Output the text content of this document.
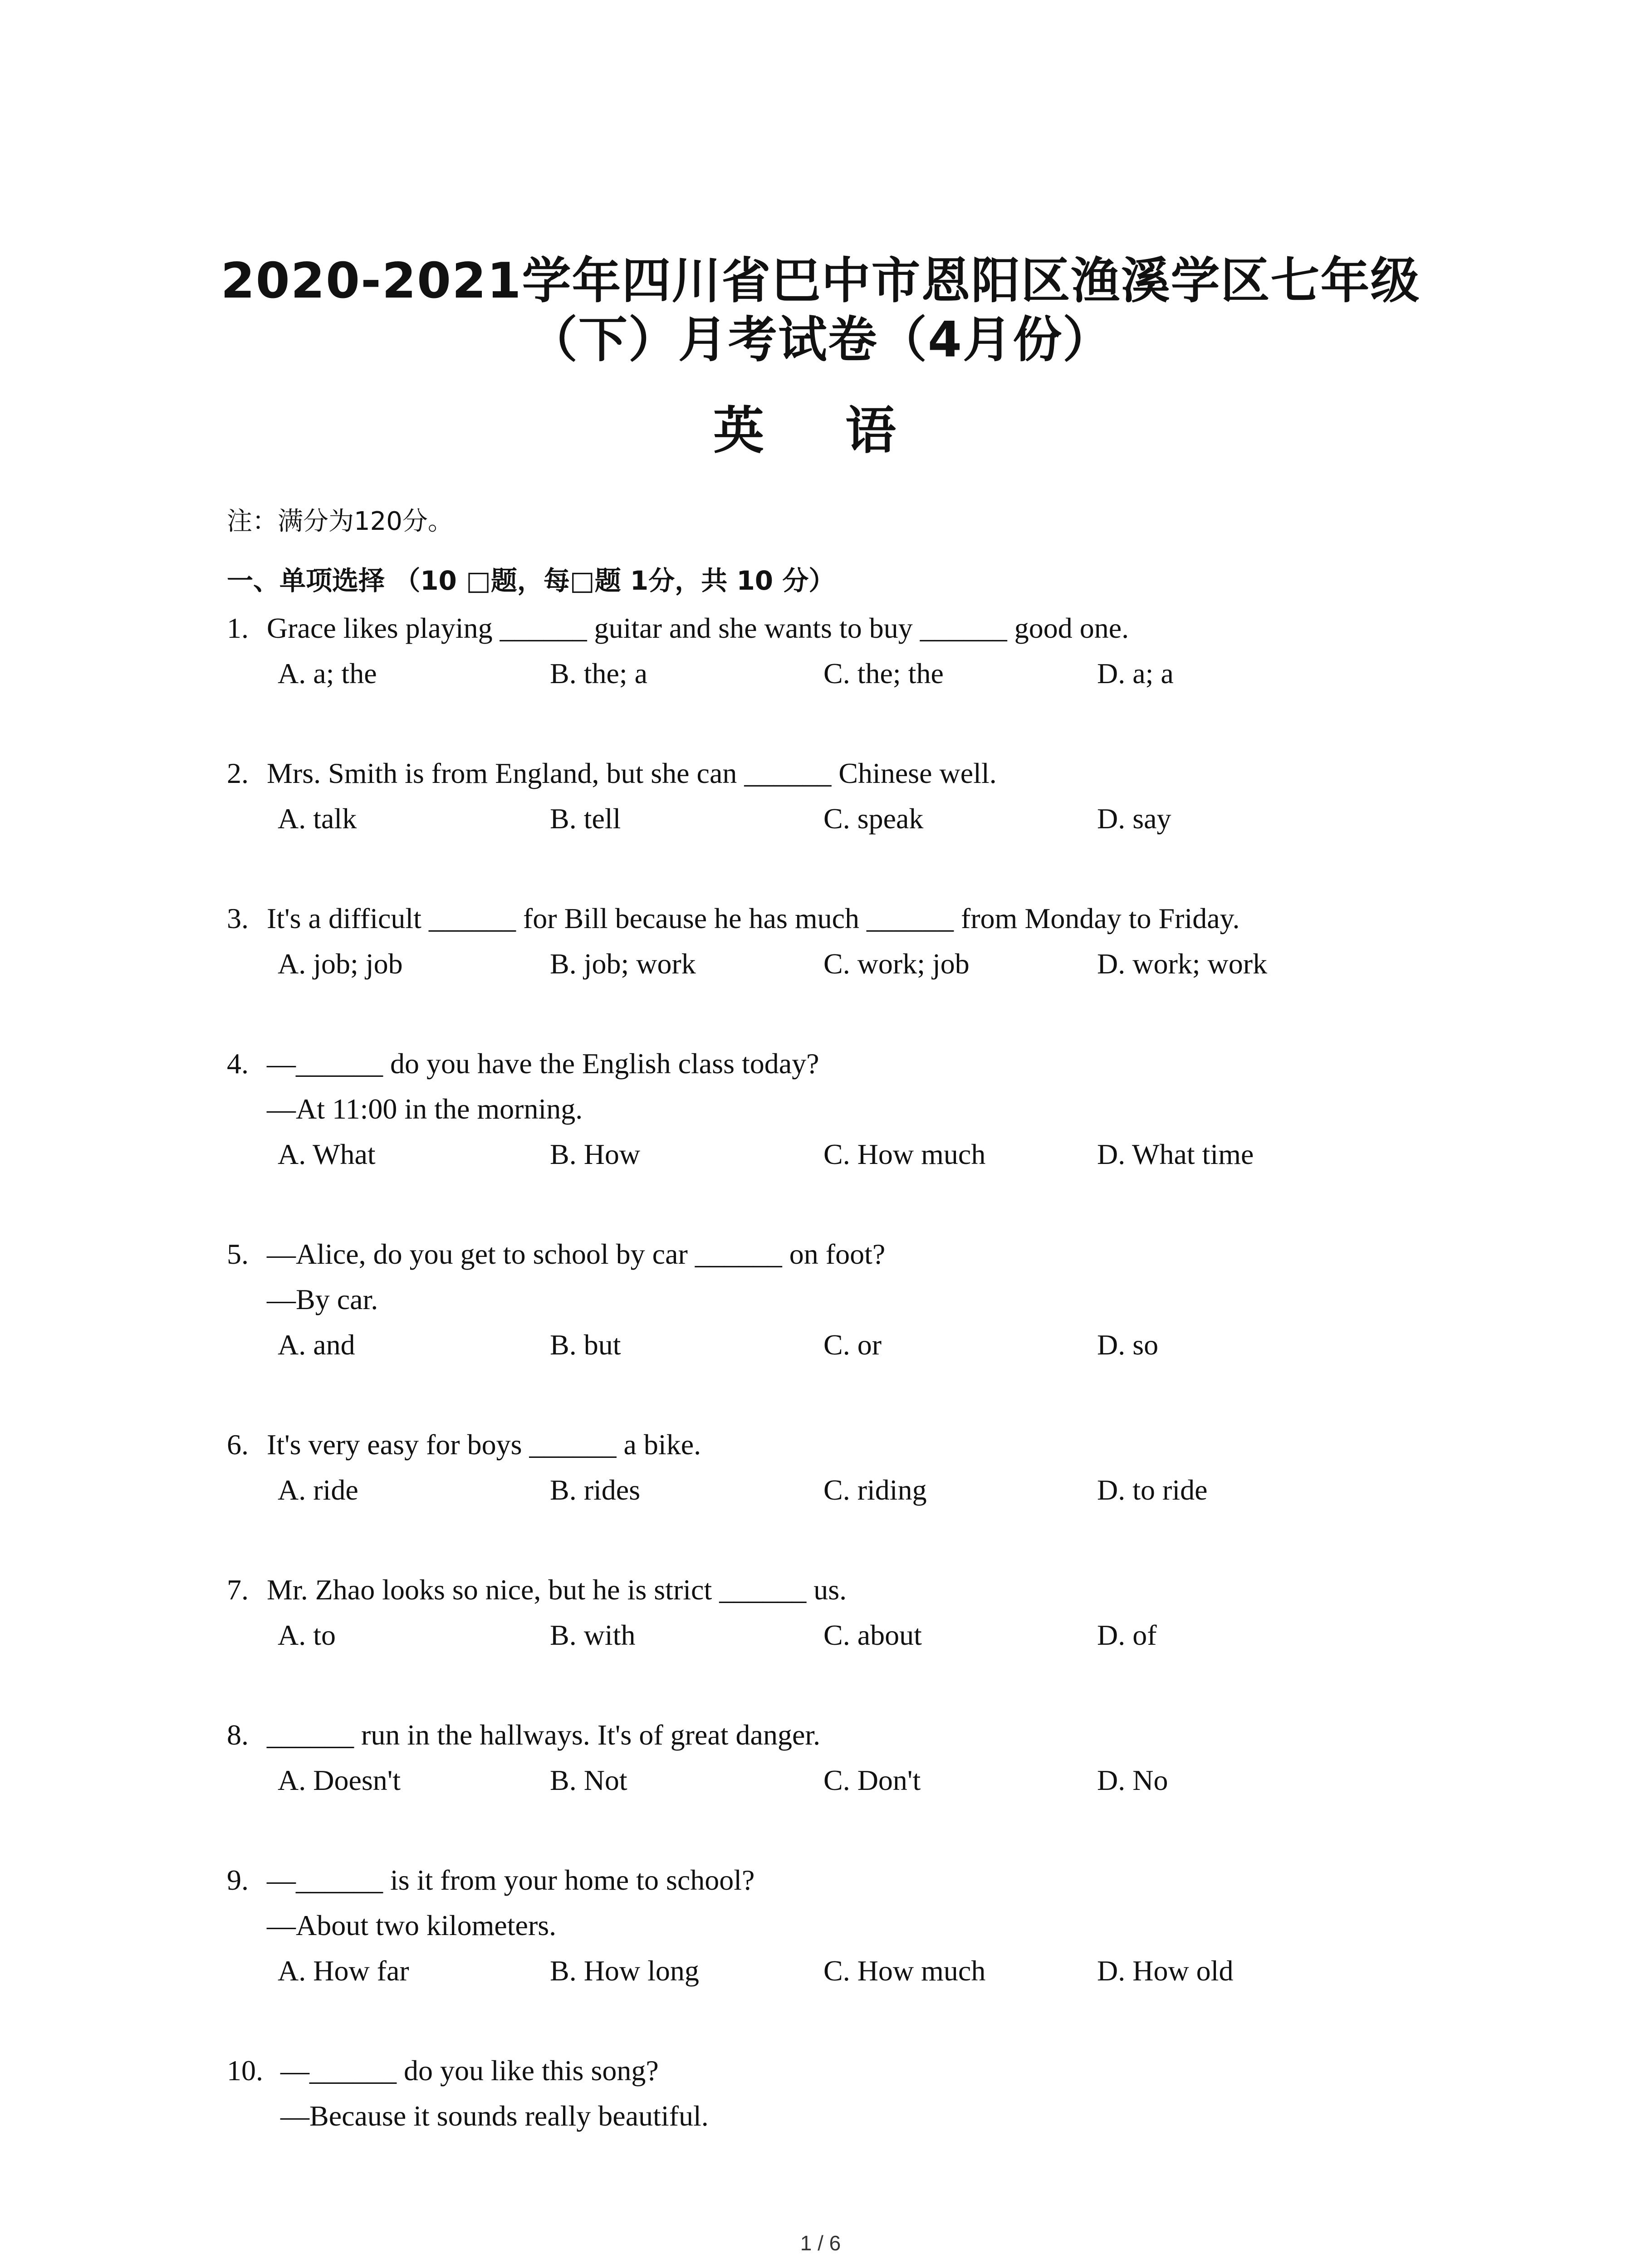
2020-2021学年四川省巴中市恩阳区渔溪学区七年级
（下）月考试卷（4月份）
英 语
注：满分为120分。
一、单项选择 （10 □题，每□题 1分，共 10 分）
1. Grace likes playing ______ guitar and she wants to buy ______ good one.
A. a; the	B. the; a	C. the; the	D. a; a
2. Mrs. Smith is from England, but she can ______ Chinese well.
A. talk	B. tell	C. speak	D. say
3. It's a difficult ______ for Bill because he has much ______ from Monday to Friday.
A. job; job	B. job; work	C. work; job	D. work; work
4. —______ do you have the English class today?
—At 11:00 in the morning.
A. What	B. How	C. How much	D. What time
5. —Alice, do you get to school by car ______ on foot?
—By car.
A. and	B. but	C. or	D. so
6. It's very easy for boys ______ a bike.
A. ride	B. rides	C. riding	D. to ride
7. Mr. Zhao looks so nice, but he is strict ______ us.
A. to	B. with	C. about	D. of
8. ______ run in the hallways. It's of great danger.
A. Doesn't	B. Not	C. Don't	D. No
9. —______ is it from your home to school?
—About two kilometers.
A. How far	B. How long	C. How much	D. How old
10. —______ do you like this song?
—Because it sounds really beautiful.
1 / 6
